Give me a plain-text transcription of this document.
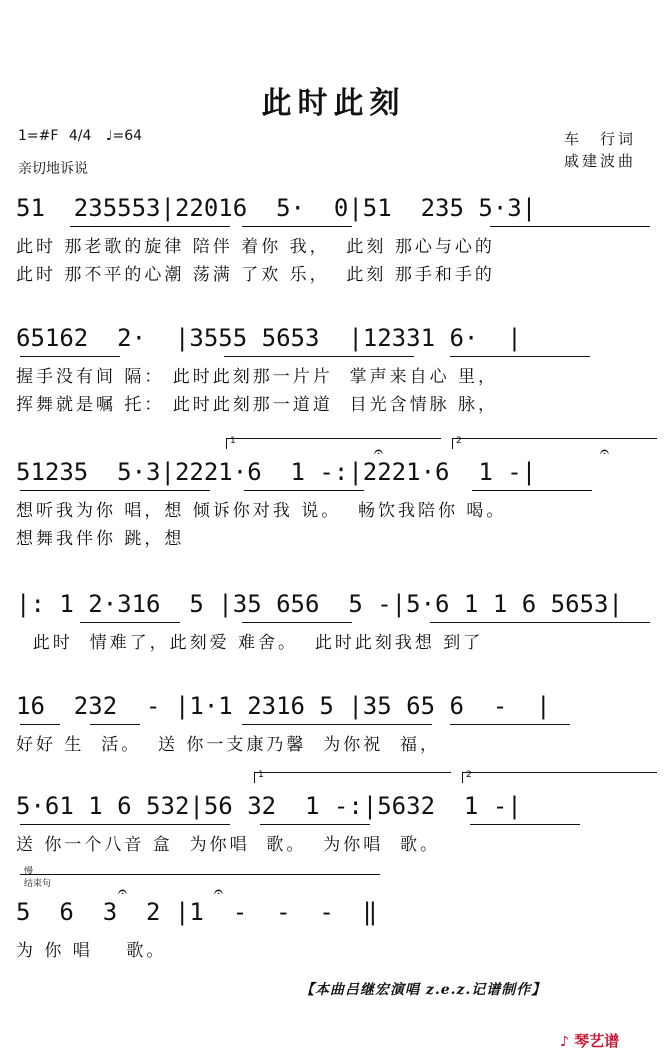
此时此刻
1=#F 4/4 ♩=64
亲切地诉说
车　行词
戚建波曲
51  235553|22016  5·  0|51  235 5·3|
此时 那老歌的旋律 陪伴 着你 我，  此刻 那心与心的
此时 那不平的心潮 荡满 了欢 乐，  此刻 那手和手的
65162  2·  |3555 5653  |12331 6·  |
握手没有间 隔： 此时此刻那一片片  掌声来自心 里，
挥舞就是嘱 托： 此时此刻那一道道  目光含情脉 脉，
1	2
𝄐	𝄐
51235  5·3|2221·6  1 -:|2221·6  1 -|
想听我为你 唱，想 倾诉你对我 说。  畅饮我陪你 喝。
想舞我伴你 跳，想
|: 1 2·316  5 |35 656  5 -|5·6 1 1 6 5653|
此时  情难了，此刻爱 难舍。  此时此刻我想 到了
16  232  - |1·1 2316 5 |35 65 6  -  |
好好 生  活。  送 你一支康乃馨  为你祝  福，
1	2
5·61 1 6 532|56 32  1 -:|5632  1 -|
送 你一个八音 盒  为你唱  歌。  为你唱  歌。
慢
结束句	𝄐	𝄐
5  6  3  2 |1  -  -  -  ‖
为 你 唱    歌。
【本曲吕继宏演唱 z.e.z.记谱制作】
♪ 琴艺谱
